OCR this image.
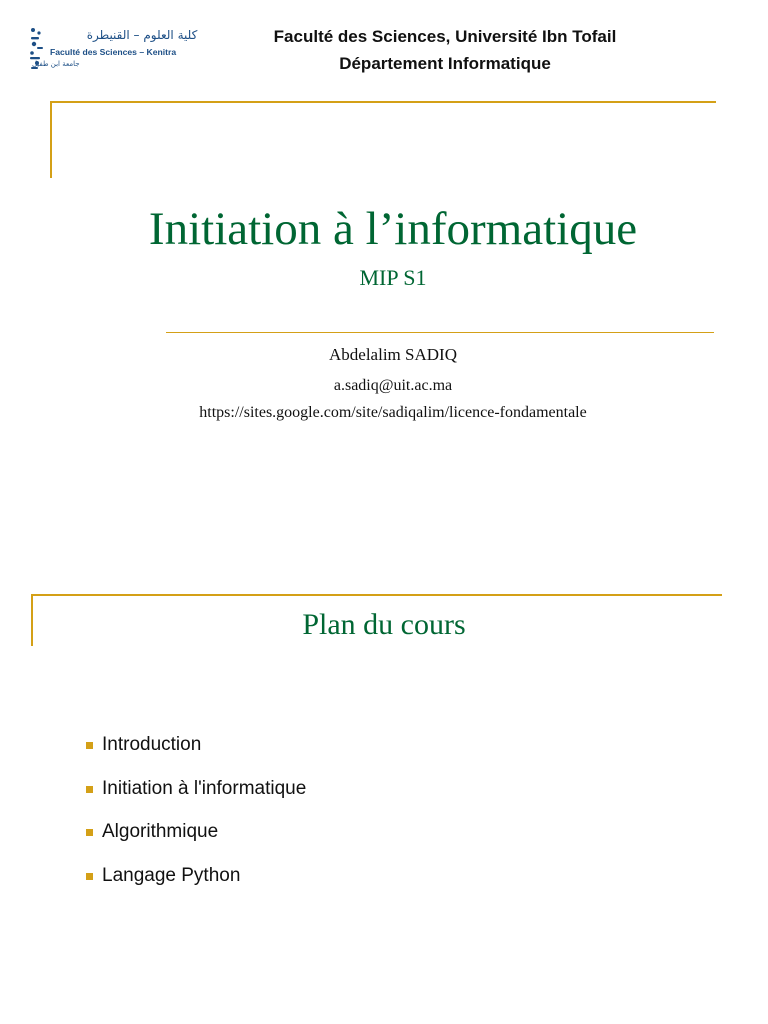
كلية العلوم – القنيطرة
Faculté des Sciences – Kenitra
جامعة ابن طفيل
Faculté des Sciences, Université Ibn Tofail
Département Informatique
Initiation à l’informatique
MIP S1
Abdelalim SADIQ
a.sadiq@uit.ac.ma
https://sites.google.com/site/sadiqalim/licence-fondamentale
Plan du cours
Introduction
Initiation à l'informatique
Algorithmique
Langage Python
